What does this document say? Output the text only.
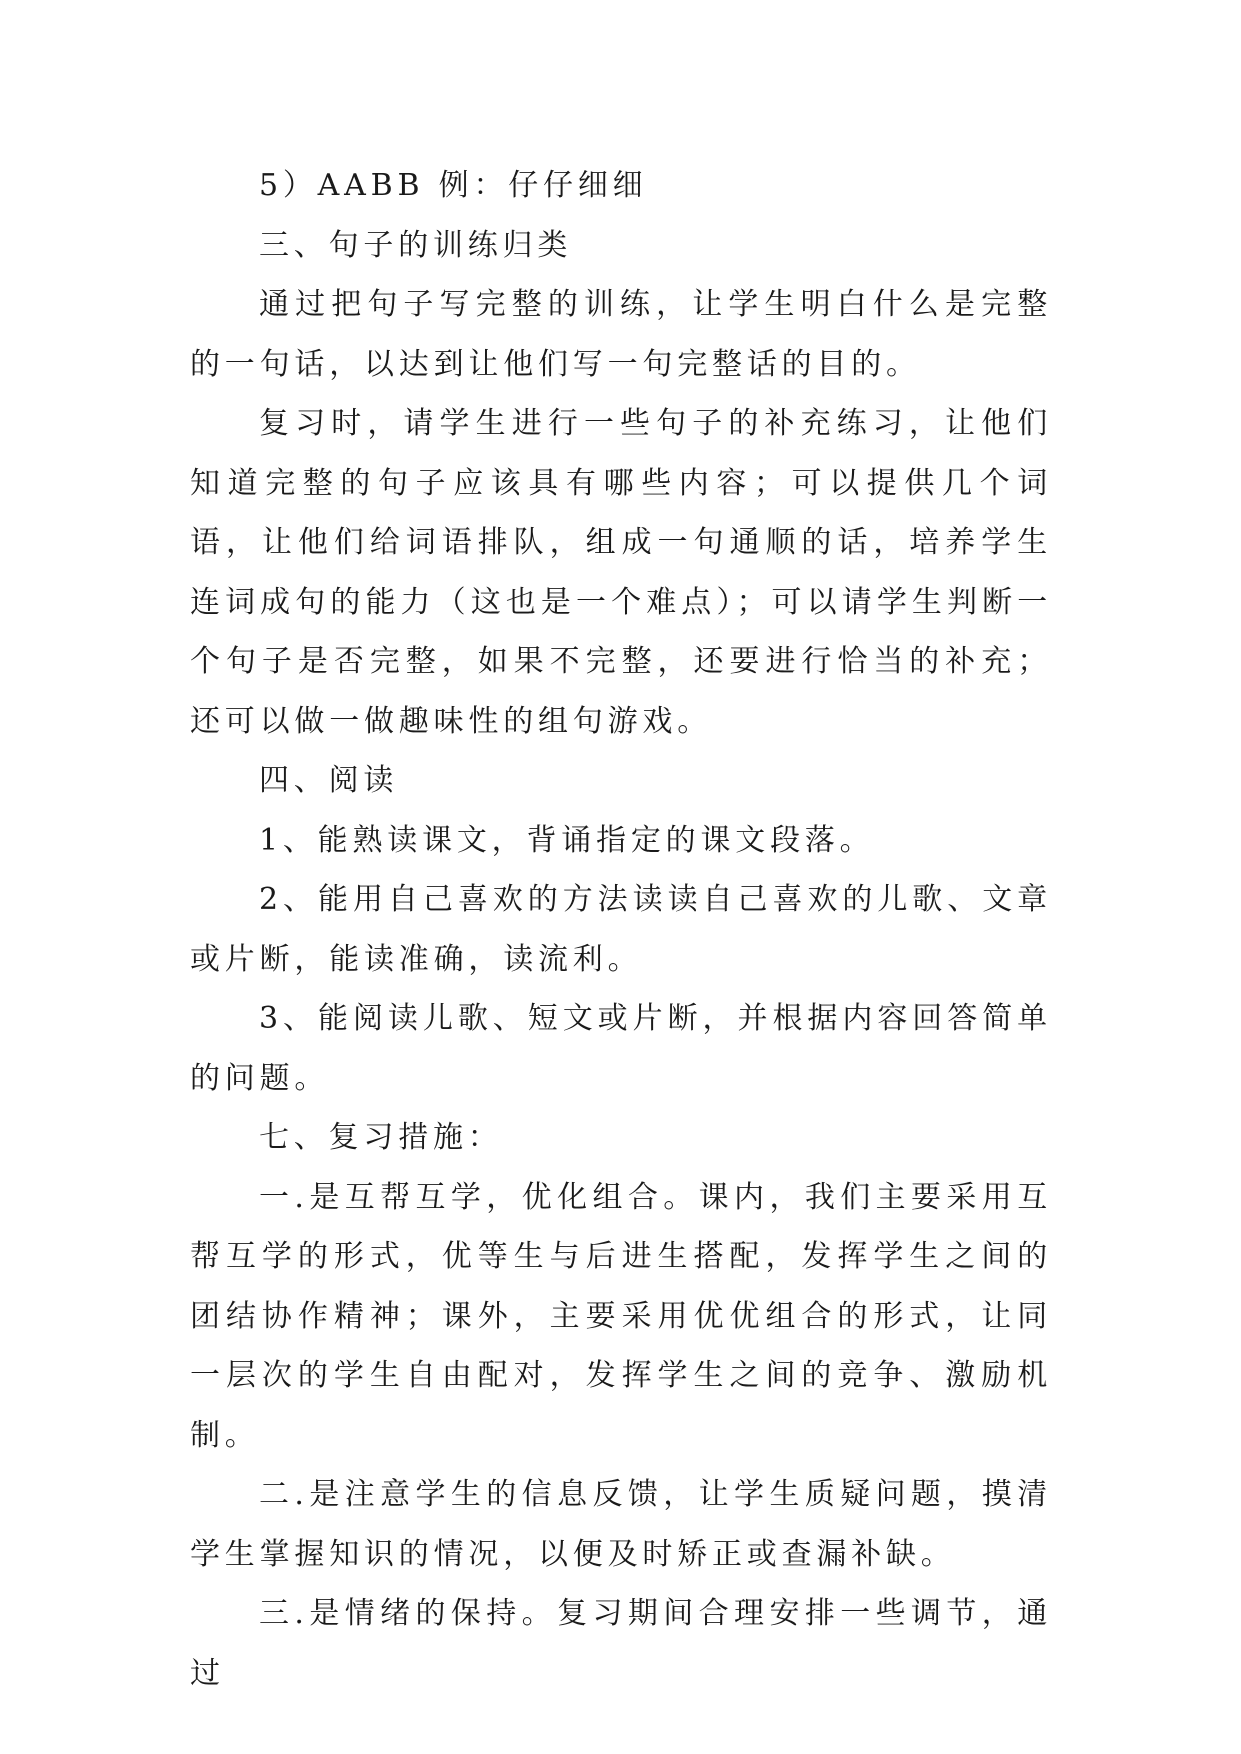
5）AABB 例：仔仔细细

三、句子的训练归类

通过把句子写完整的训练，让学生明白什么是完整的一句话，以达到让他们写一句完整话的目的。

复习时，请学生进行一些句子的补充练习，让他们知道完整的句子应该具有哪些内容；可以提供几个词语，让他们给词语排队，组成一句通顺的话，培养学生连词成句的能力（这也是一个难点）；可以请学生判断一个句子是否完整，如果不完整，还要进行恰当的补充；还可以做一做趣味性的组句游戏。

四、阅读

1、能熟读课文，背诵指定的课文段落。

2、能用自己喜欢的方法读读自己喜欢的儿歌、文章或片断，能读准确，读流利。

3、能阅读儿歌、短文或片断，并根据内容回答简单的问题。

七、复习措施：

一.是互帮互学，优化组合。课内，我们主要采用互帮互学的形式，优等生与后进生搭配，发挥学生之间的团结协作精神；课外，主要采用优优组合的形式，让同一层次的学生自由配对，发挥学生之间的竞争、激励机制。

二.是注意学生的信息反馈，让学生质疑问题，摸清学生掌握知识的情况，以便及时矫正或查漏补缺。

三.是情绪的保持。复习期间合理安排一些调节，通过
